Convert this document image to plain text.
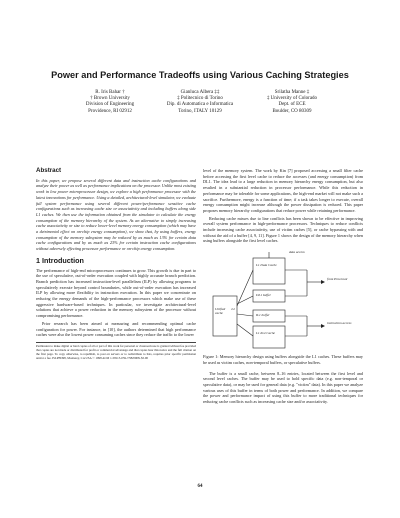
Power and Performance Tradeoffs using Various Caching Strategies
R. Iris Bahar †
† Brown University
Division of Engineering
Providence, RI 02912
Gianluca Albera ‡‡
‡ Politecnico di Torino
Dip. di Automatica e Informatica
Torino, ITALY 10129
Srilatha Manne ‡
‡ University of Colorado
Dept. of ECE
Boulder, CO 80309
Abstract

In this paper, we propose several different data and instruction cache configurations and analyze their power as well as performance implications on the processor. Unlike most existing work in low power microprocessor design, we explore a high performance processor with the latest innovations for performance. Using a detailed, architectural-level simulator, we evaluate full system performance using several different power/performance sensitive cache configurations such as increasing cache size or associativity and including buffers along side L1 caches. We then use the information obtained from the simulator to calculate the energy consumption of the memory hierarchy of the system. As an alternative to simply increasing cache associativity or size to reduce lower-level memory energy consumption (which may have a detrimental effect on on-chip energy consumption), we show that, by using buffers, energy consumption of the memory subsystem may be reduced by as much as 13% for certain data cache configurations and by as much as 23% for certain instruction cache configurations without adversely effecting processor performance or on-chip energy consumption.

1 Introduction

The performance of high-end microprocessors continues to grow. This growth is due in part to the use of speculative, out-of-order execution coupled with highly accurate branch prediction. Branch prediction has increased instruction-level parallelism (ILP) by allowing programs to speculatively execute beyond control boundaries, while out-of-order execution has increased ILP by allowing more flexibility in instruction execution. In this paper we concentrate on reducing the energy demands of the high-performance processors which make use of these aggressive hardware-based techniques. In particular, we investigate architectural-level solutions that achieve a power reduction in the memory subsystem of the processor without compromising performance.

Prior research has been aimed at measuring and recommending optimal cache configuration for power. For instance, in [10], the authors determined that high performance caches were also the lowest power consuming caches since they reduce the traffic to the lower

Permission to make digital or hard copies of all or part of this work for personal or classroom use is granted without fee provided that copies are not made or distributed for profit or commercial advantage and that copies bear this notice and the full citation on the first page. To copy otherwise, to republish, to post on servers or to redistribute to lists, requires prior specific permission and/or a fee. ISLPED98, Monterey, CA USA © 1998 ACM 1-58113-059-7/98/0008..$5.00

level of the memory system. The work by Kin [7] proposed accessing a small filter cache before accessing the first level cache to reduce the accesses (and energy consumption) from DL1. The idea lead to a large reduction in memory hierarchy energy consumption, but also resulted in a substantial reduction in processor performance. While this reduction in performance may be tolerable for some applications, the high-end market will not make such a sacrifice. Furthermore, energy is a function of time; if a task takes longer to execute, overall energy consumption might increase although the power dissipation is reduced. This paper proposes memory hierarchy configurations that reduce power while retaining performance.

Reducing cache misses due to line conflicts has been shown to be effective in improving overall system performance in high-performance processors. Techniques to reduce conflicts include increasing cache associativity, use of victim caches [5], or cache bypassing with and without the aid of a buffer [4, 9, 11]. Figure 1 shows the design of the memory hierarchy when using buffers alongside the first level caches.

data access
L1 Data Cache
DL1 buffer
from Processor
Unified L2 cache
IL1 buffer
L1 Inst Cache
instruction access

Figure 1: Memory hierarchy design using buffers alongside the L1 caches. These buffers may be used as victim caches, non-temporal buffers, or speculative buffers.

The buffer is a small cache, between 8–16 entries, located between the first level and second level caches. The buffer may be used to hold specific data (e.g. non-temporal or speculative data), or may be used for general data (e.g. "victim" data). In this paper we analyze various uses of this buffer in terms of both power and performance. In addition, we compare the power and performance impact of using this buffer to more traditional techniques for reducing cache conflicts such as increasing cache size and/or associativity.

64
